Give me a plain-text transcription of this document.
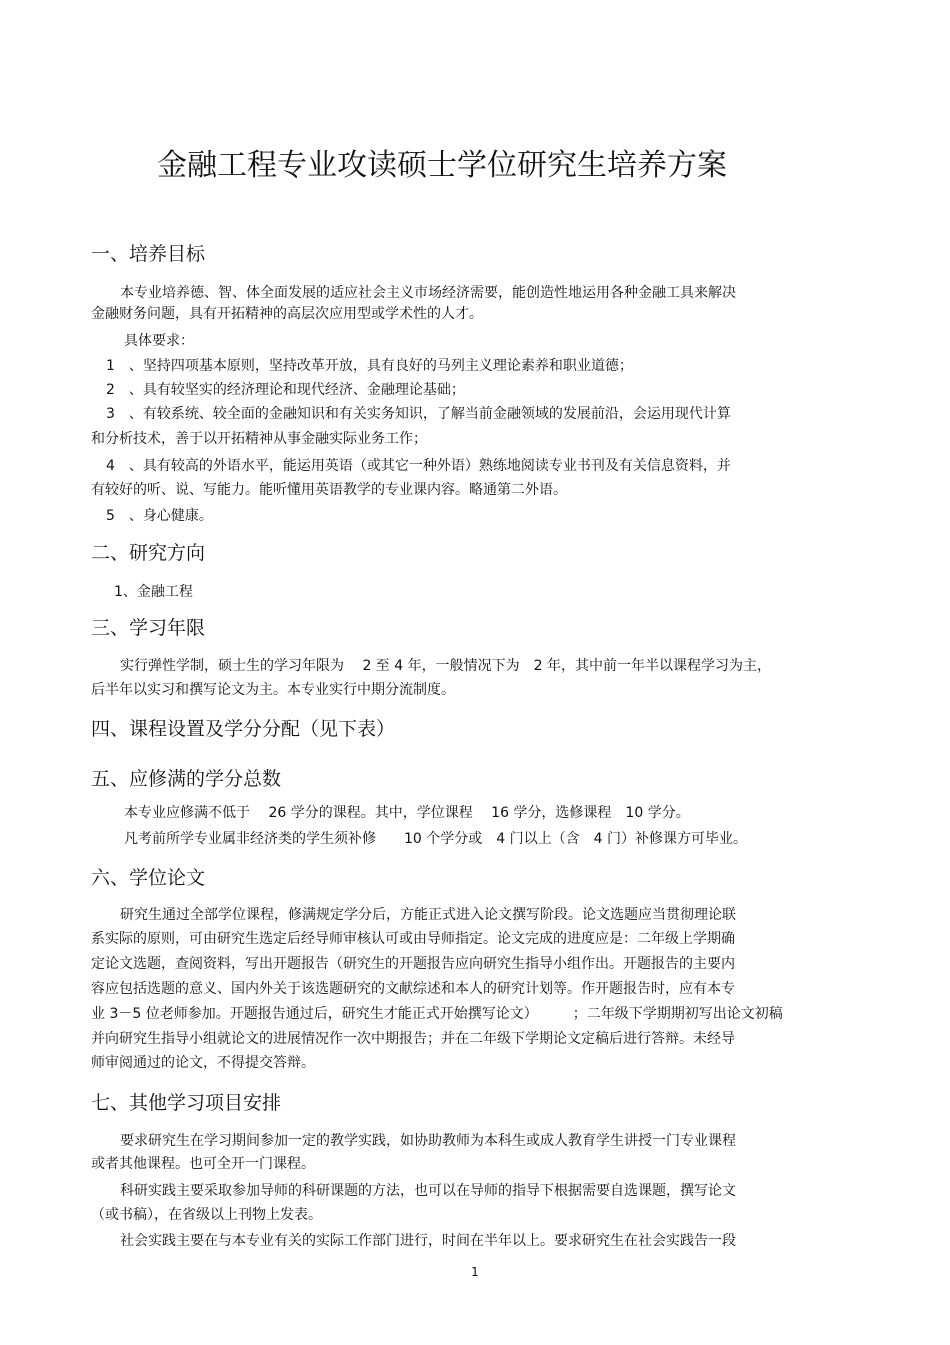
金融工程专业攻读硕士学位研究生培养方案
一、培养目标
本专业培养德、智、体全面发展的适应社会主义市场经济需要，能创造性地运用各种金融工具来解决
金融财务问题，具有开拓精神的高层次应用型或学术性的人才。
具体要求：
1　、坚持四项基本原则，坚持改革开放，具有良好的马列主义理论素养和职业道德；
2　、具有较坚实的经济理论和现代经济、金融理论基础；
3　、有较系统、较全面的金融知识和有关实务知识，了解当前金融领域的发展前沿，会运用现代计算
和分析技术，善于以开拓精神从事金融实际业务工作；
4　、具有较高的外语水平，能运用英语（或其它一种外语）熟练地阅读专业书刊及有关信息资料，并
有较好的听、说、写能力。能听懂用英语教学的专业课内容。略通第二外语。
5　、身心健康。
二、研究方向
1、金融工程
三、学习年限
实行弹性学制，硕士生的学习年限为　 2 至 4 年，一般情况下为　2 年，其中前一年半以课程学习为主，
后半年以实习和撰写论文为主。本专业实行中期分流制度。
四、课程设置及学分分配（见下表）
五、应修满的学分总数
本专业应修满不低于　 26 学分的课程。其中，学位课程　 16 学分，选修课程　10 学分。
凡考前所学专业属非经济类的学生须补修　　10 个学分或　4 门以上（含　4 门）补修课方可毕业。
六、学位论文
研究生通过全部学位课程，修满规定学分后，方能正式进入论文撰写阶段。论文选题应当贯彻理论联
系实际的原则，可由研究生选定后经导师审核认可或由导师指定。论文完成的进度应是：二年级上学期确
定论文选题，查阅资料，写出开题报告（研究生的开题报告应向研究生指导小组作出。开题报告的主要内
容应包括选题的意义、国内外关于该选题研究的文献综述和本人的研究计划等。作开题报告时，应有本专
业 3－5 位老师参加。开题报告通过后，研究生才能正式开始撰写论文）　　　；二年级下学期期初写出论文初稿
并向研究生指导小组就论文的进展情况作一次中期报告；并在二年级下学期论文定稿后进行答辩。未经导
师审阅通过的论文，不得提交答辩。
七、其他学习项目安排
要求研究生在学习期间参加一定的教学实践，如协助教师为本科生或成人教育学生讲授一门专业课程
或者其他课程。也可全开一门课程。
科研实践主要采取参加导师的科研课题的方法，也可以在导师的指导下根据需要自选课题，撰写论文
（或书稿），在省级以上刊物上发表。
社会实践主要在与本专业有关的实际工作部门进行，时间在半年以上。要求研究生在社会实践告一段
1
